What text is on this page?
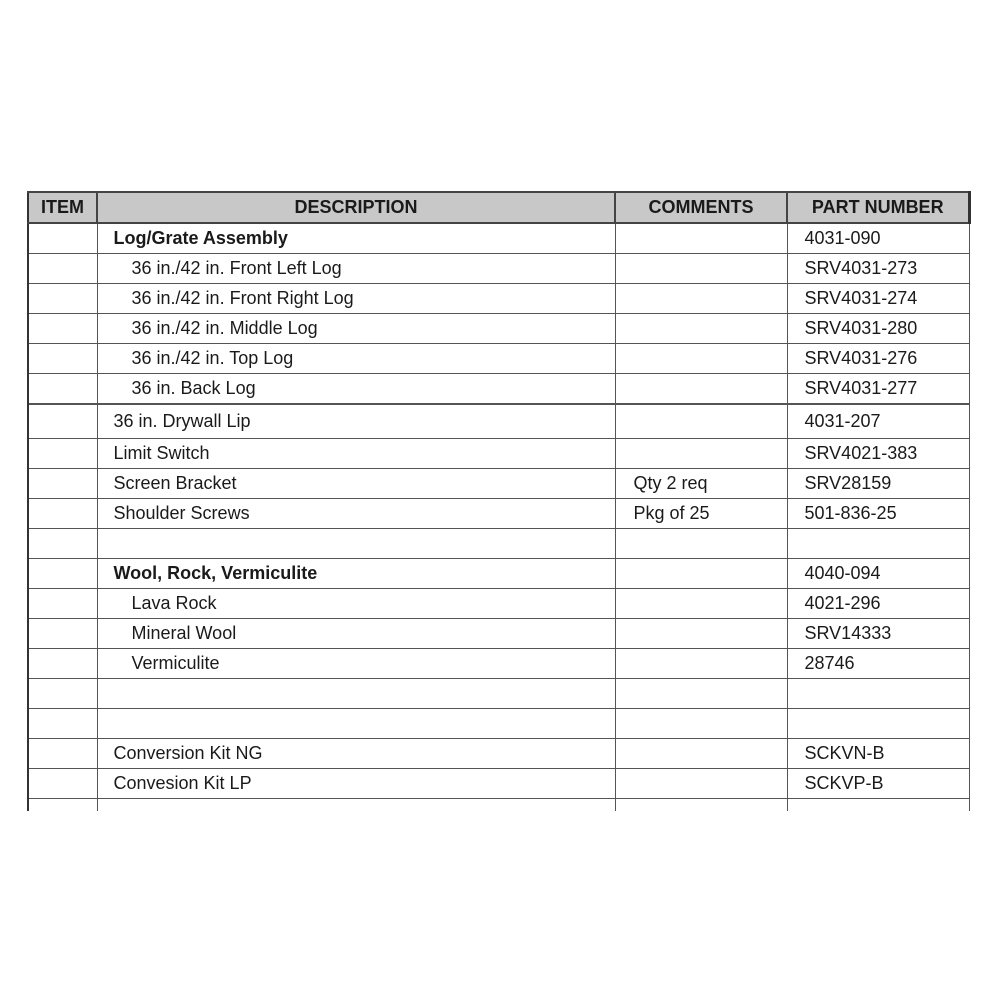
ITEM	DESCRIPTION	COMMENTS	PART NUMBER
	Log/Grate Assembly		4031-090
	36 in./42 in. Front Left Log		SRV4031-273
	36 in./42 in. Front Right Log		SRV4031-274
	36 in./42 in. Middle Log		SRV4031-280
	36 in./42 in. Top Log		SRV4031-276
	36 in. Back Log		SRV4031-277
	36 in. Drywall Lip		4031-207
	Limit Switch		SRV4021-383
	Screen Bracket	Qty 2 req	SRV28159
	Shoulder Screws	Pkg of 25	501-836-25

	Wool, Rock, Vermiculite		4040-094
	Lava Rock		4021-296
	Mineral Wool		SRV14333
	Vermiculite		28746

	Conversion Kit NG		SCKVN-B
	Convesion Kit LP		SCKVP-B
